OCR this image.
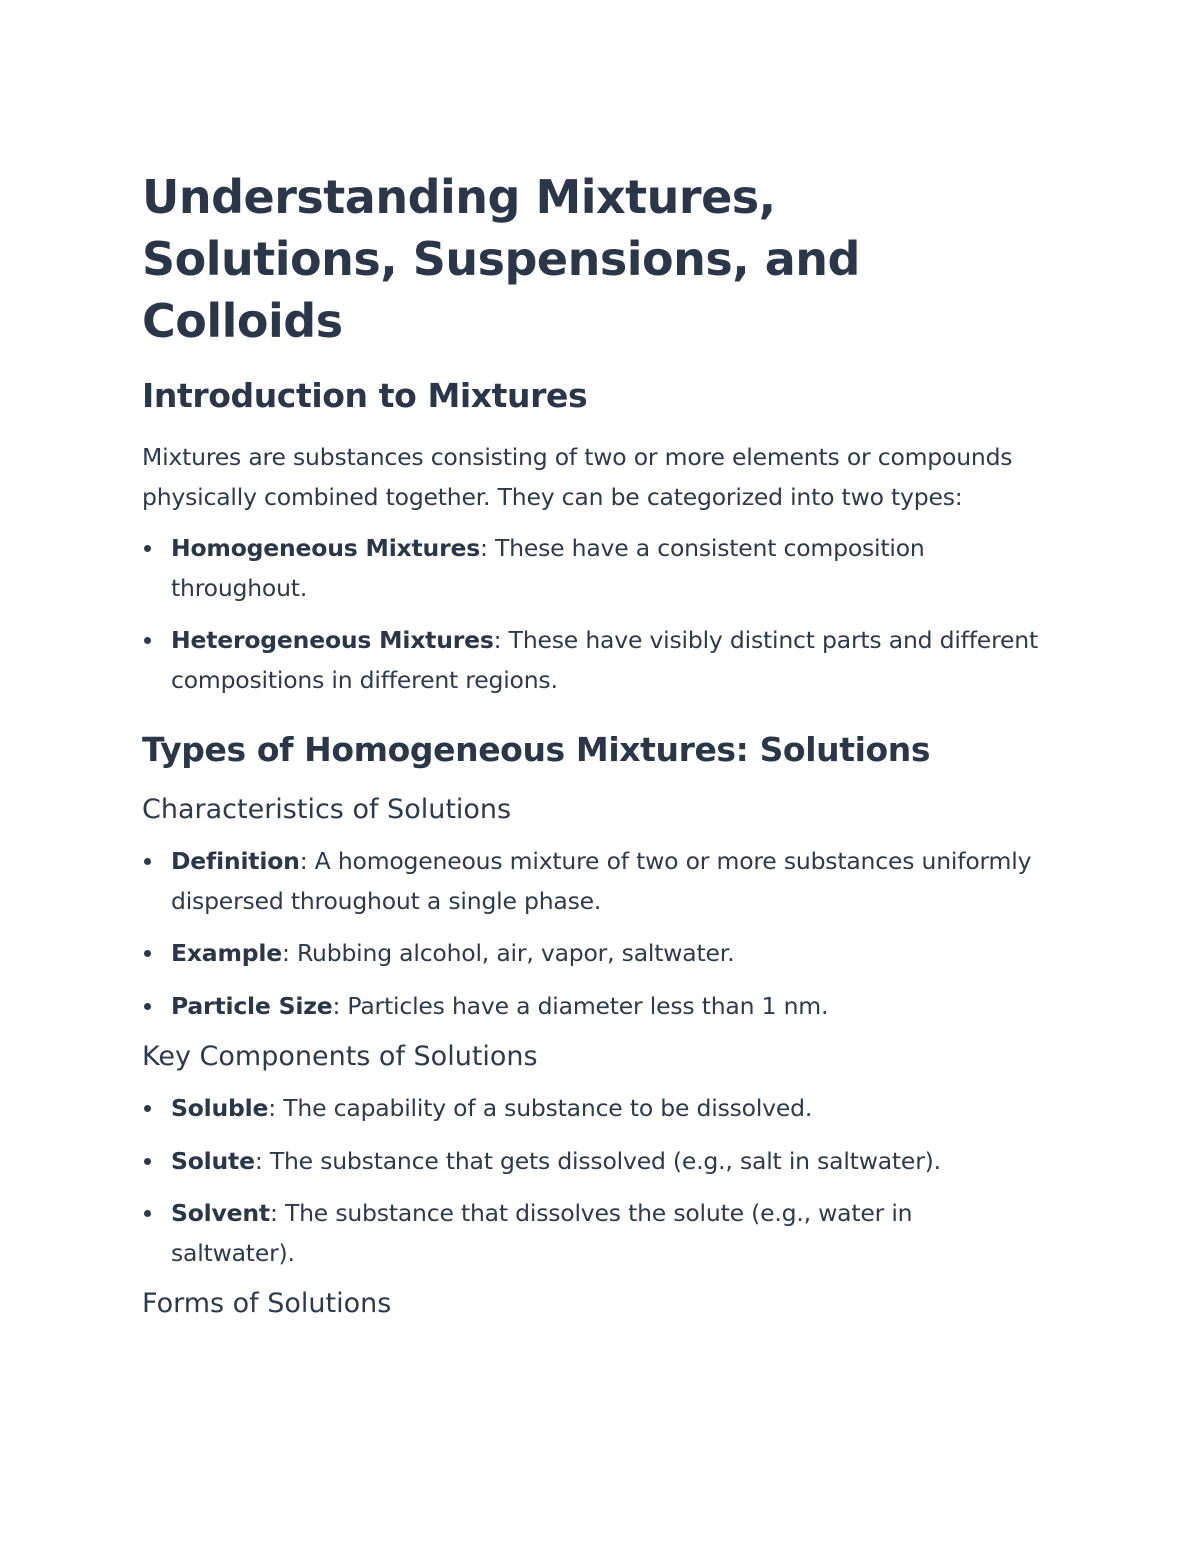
Understanding Mixtures, Solutions, Suspensions, and Colloids
Introduction to Mixtures

Mixtures are substances consisting of two or more elements or compounds physically combined together. They can be categorized into two types:

Homogeneous Mixtures: These have a consistent composition throughout.
Heterogeneous Mixtures: These have visibly distinct parts and different compositions in different regions.
Types of Homogeneous Mixtures: Solutions
Characteristics of Solutions
Definition: A homogeneous mixture of two or more substances uniformly dispersed throughout a single phase.
Example: Rubbing alcohol, air, vapor, saltwater.
Particle Size: Particles have a diameter less than 1 nm.
Key Components of Solutions
Soluble: The capability of a substance to be dissolved.
Solute: The substance that gets dissolved (e.g., salt in saltwater).
Solvent: The substance that dissolves the solute (e.g., water in saltwater).
Forms of Solutions
